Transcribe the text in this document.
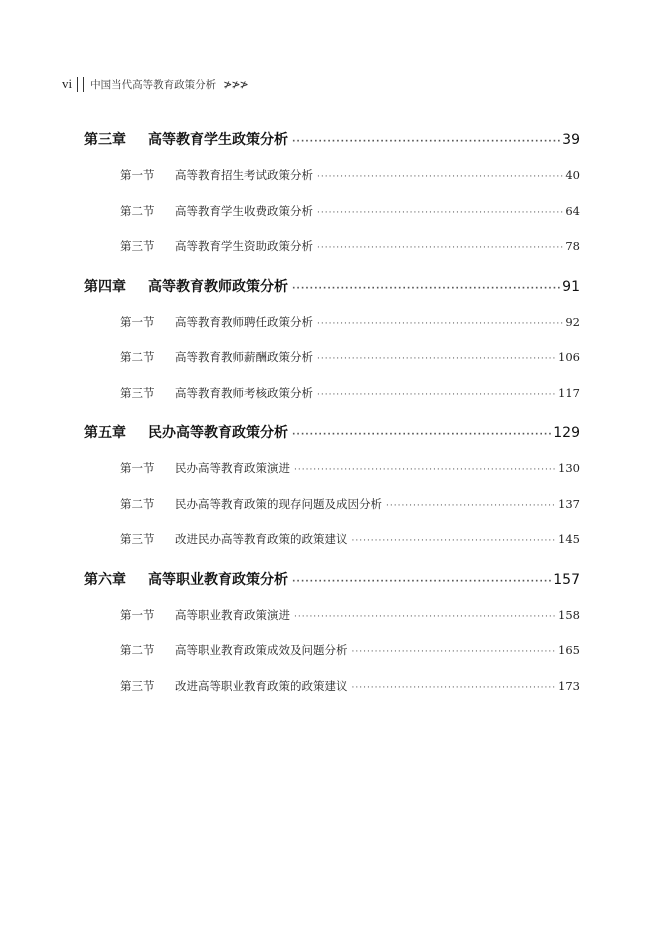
vi 中国当代高等教育政策分析 ≯≯≯
第三章	高等教育学生政策分析 ·····	39
第一节	高等教育招生考试政策分析 ·····	40
第二节	高等教育学生收费政策分析 ·····	64
第三节	高等教育学生资助政策分析 ·····	78
第四章	高等教育教师政策分析 ·····	91
第一节	高等教育教师聘任政策分析 ·····	92
第二节	高等教育教师薪酬政策分析 ·····	106
第三节	高等教育教师考核政策分析 ·····	117
第五章	民办高等教育政策分析 ·····	129
第一节	民办高等教育政策演进 ·····	130
第二节	民办高等教育政策的现存问题及成因分析 ·····	137
第三节	改进民办高等教育政策的政策建议 ·····	145
第六章	高等职业教育政策分析 ·····	157
第一节	高等职业教育政策演进 ·····	158
第二节	高等职业教育政策成效及问题分析 ·····	165
第三节	改进高等职业教育政策的政策建议 ·····	173
